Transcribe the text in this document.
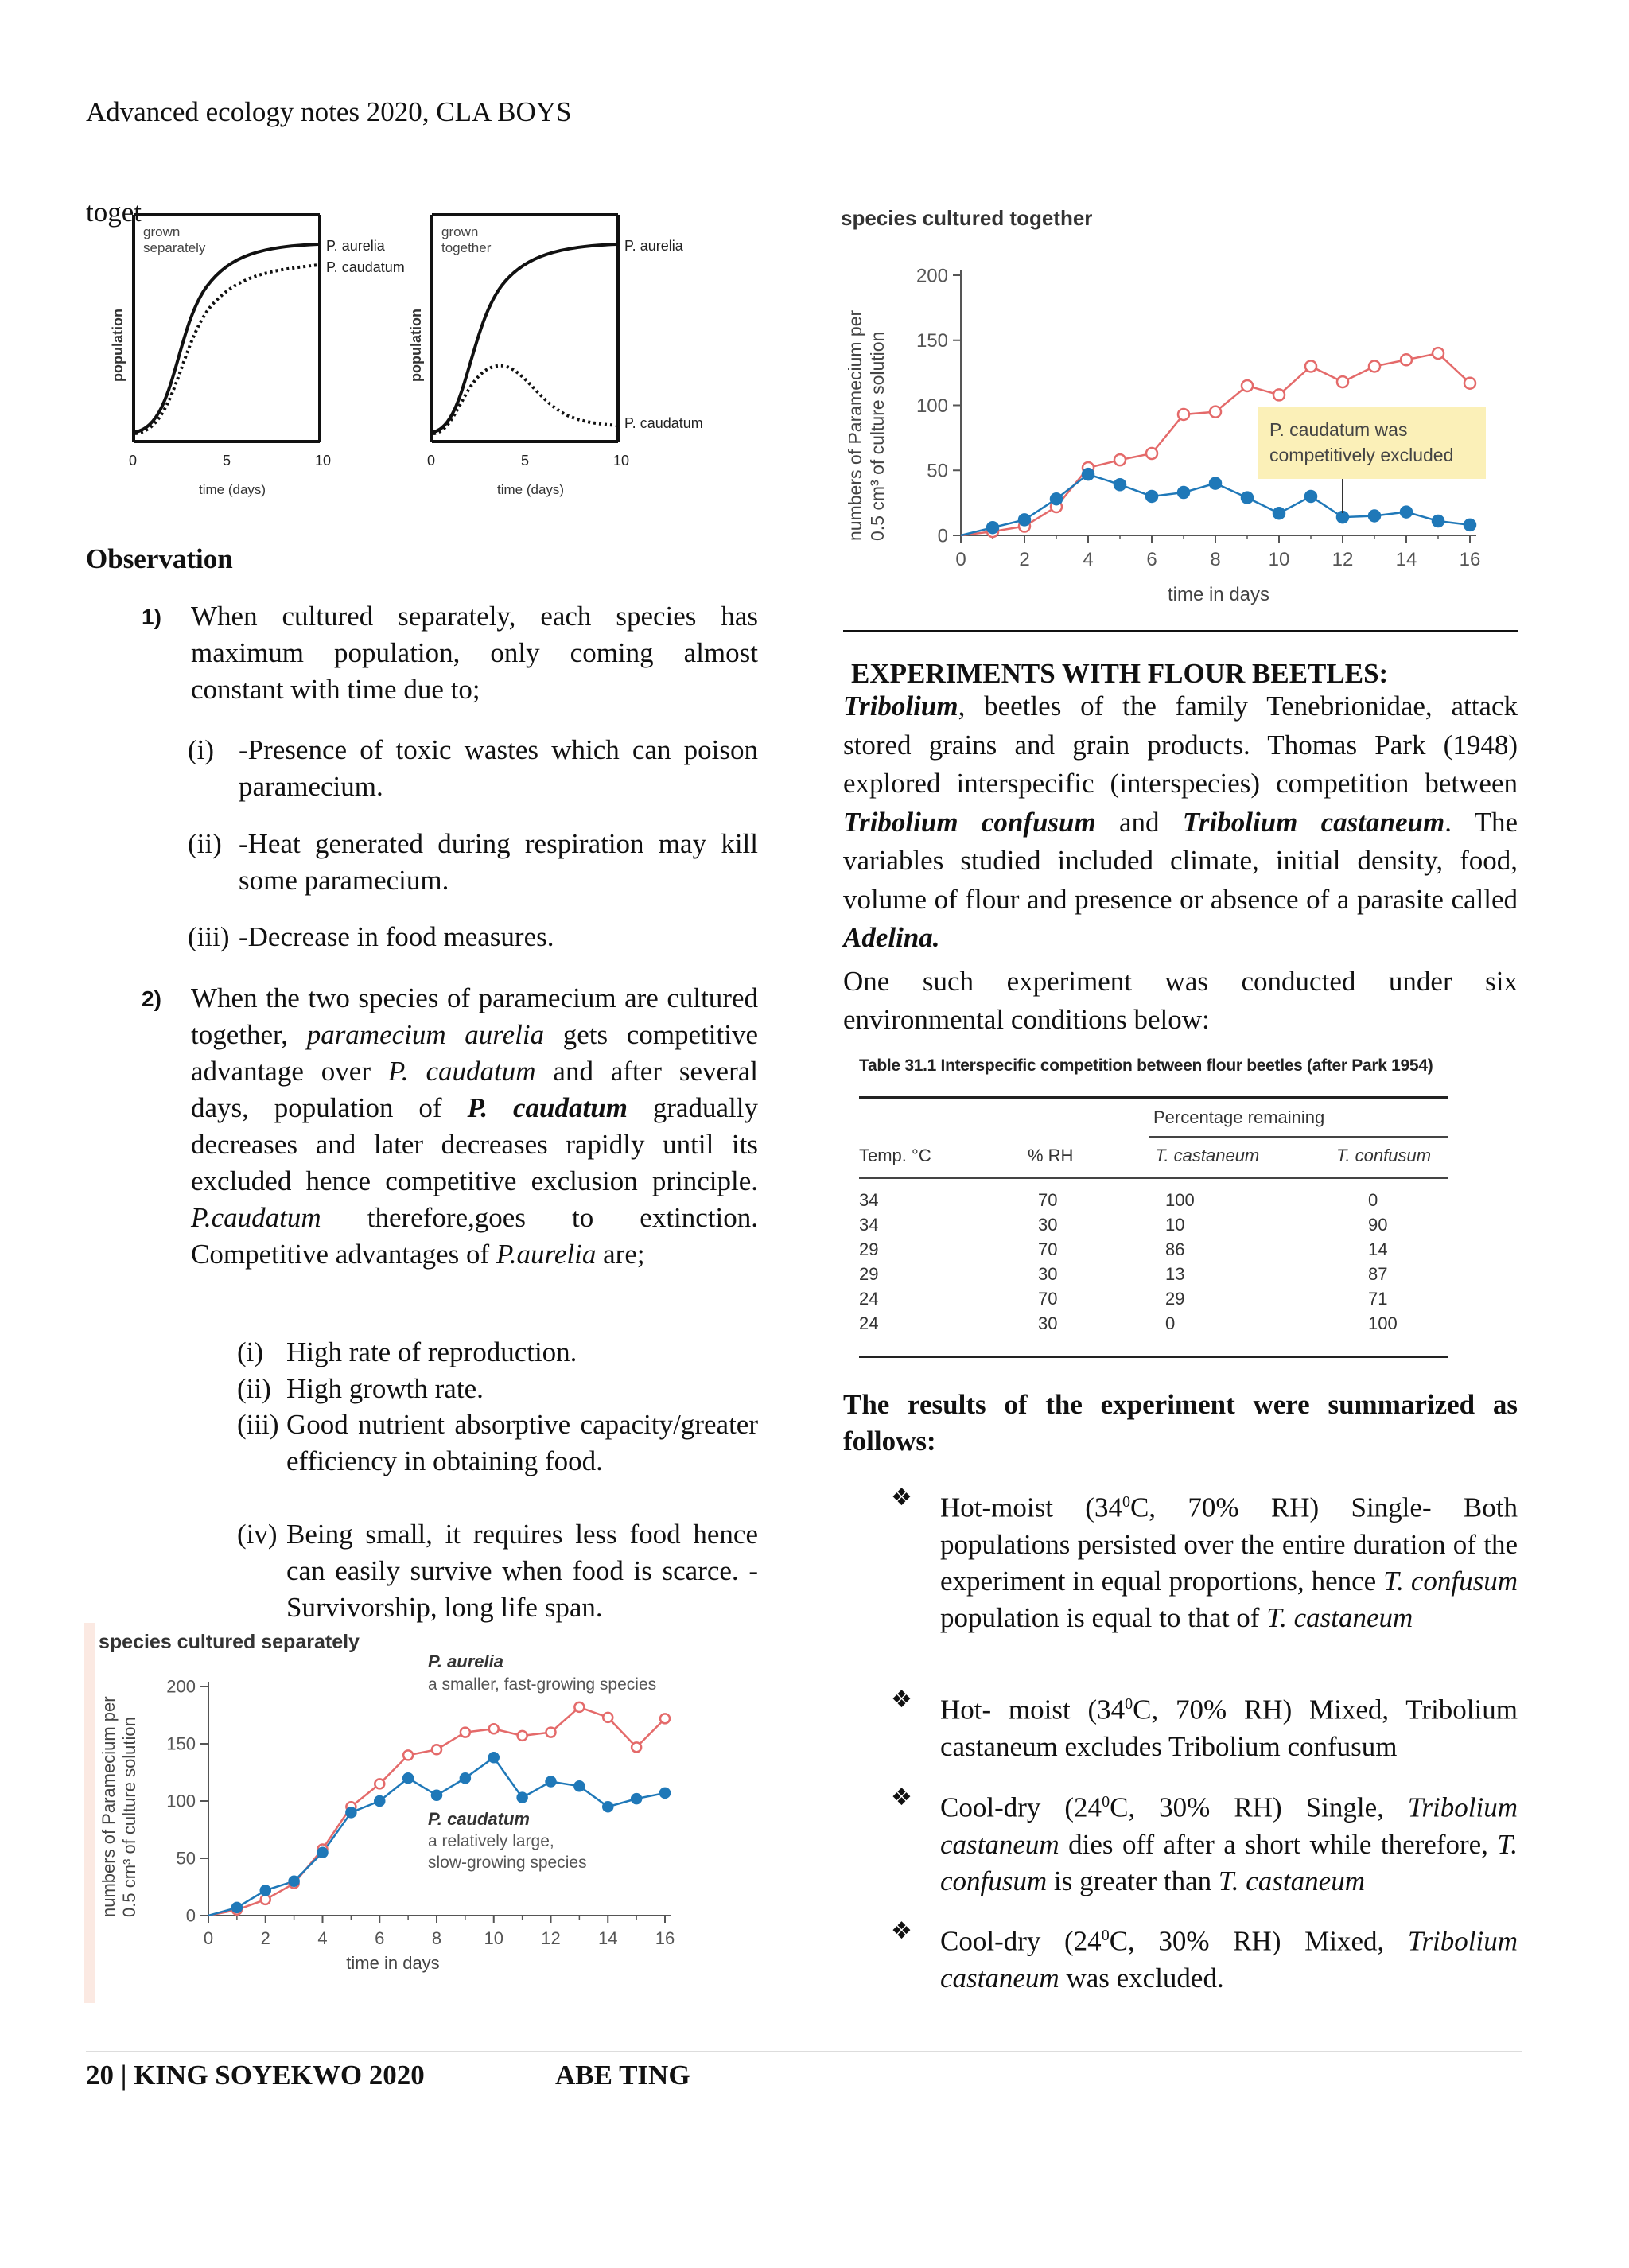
Advanced ecology notes 2020, CLA BOYS
toget
grown
separately	P. aurelia
P. caudatum
population
0	5	10
time (days)
grown
together	P. aurelia
P. caudatum
population
0	5	10
time (days)
Observation
1) When cultured separately, each species has maximum population, only coming almost constant with time due to;
(i) -Presence of toxic wastes which can poison paramecium.
(ii) -Heat generated during respiration may kill some paramecium.
(iii) -Decrease in food measures.
2) When the two species of paramecium are cultured together, paramecium aurelia gets competitive advantage over P. caudatum and after several days, population of P. caudatum gradually decreases and later decreases rapidly until its excluded hence competitive exclusion principle. P.caudatum therefore,goes to extinction. Competitive advantages of P.aurelia are;
(i) High rate of reproduction.
(ii) High growth rate.
(iii) Good nutrient absorptive capacity/greater efficiency in obtaining food.
(iv) Being small, it requires less food hence can easily survive when food is scarce. - Survivorship, long life span.
species cultured separately
numbers of Paramecium per 0.5 cm³ of culture solution
P. aurelia
a smaller, fast-growing species
P. caudatum
a relatively large,
slow-growing species
time in days
0
50
100
150
200
0	2	4	6	8 10 12 14 16
species cultured together
numbers of Paramecium per 0.5 cm³ of culture solution	P. caudatum was
competitively excluded
time in days
0
50
100
150
200
0	2	4	6	8 10 12 14 16
EXPERIMENTS WITH FLOUR BEETLES:
Tribolium, beetles of the family Tenebrionidae, attack stored grains and grain products. Thomas Park (1948) explored interspecific (interspecies) competition between Tribolium confusum and Tribolium castaneum. The variables studied included climate, initial density, food, volume of flour and presence or absence of a parasite called Adelina.
One such experiment was conducted under six environmental conditions below:
Table 31.1 Interspecific competition between flour beetles (after Park 1954)
Percentage remaining
Temp. °C	% RH	T. castaneum	T. confusum
34	70	100	0
34	30	10	90
29	70	86	14
29	30	13	87
24	70	29	71
24	30	0	100
The results of the experiment were summarized as follows:
❖ Hot-moist ($34^0C$, 70% RH) Single- Both populations persisted over the entire duration of the experiment in equal proportions, hence T. confusum population is equal to that of T. castaneum
❖ Hot- moist ($34^0C$, 70% RH) Mixed, Tribolium castaneum excludes Tribolium confusum
❖ Cool-dry ($24^0C$, 30% RH) Single, Tribolium castaneum dies off after a short while therefore, T. confusum is greater than T. castaneum
❖ Cool-dry ($24^0C$, 30% RH) Mixed, Tribolium castaneum was excluded.
20 | KING SOYEKWO 2020	ABE TING
